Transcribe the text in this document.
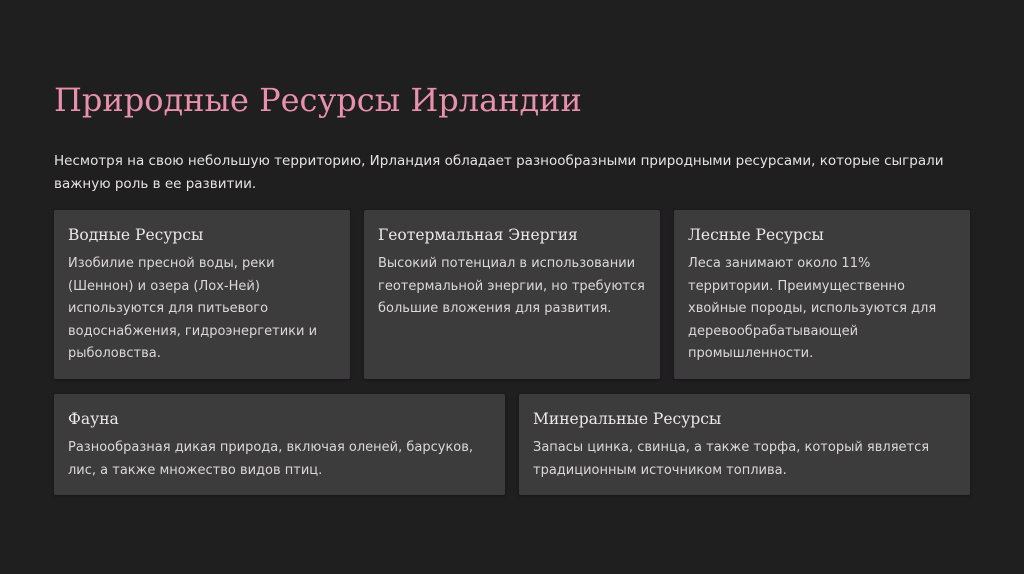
Природные Ресурсы Ирландии

Несмотря на свою небольшую территорию, Ирландия обладает разнообразными природными ресурсами, которые сыграли важную роль в ее развитии.

Водные Ресурсы

Изобилие пресной воды, реки (Шеннон) и озера (Лох-Ней) используются для питьевого водоснабжения, гидроэнергетики и рыболовства.

Геотермальная Энергия

Высокий потенциал в использовании геотермальной энергии, но требуются большие вложения для развития.

Лесные Ресурсы

Леса занимают около 11% территории. Преимущественно хвойные породы, используются для деревообрабатывающей промышленности.

Фауна

Разнообразная дикая природа, включая оленей, барсуков, лис, а также множество видов птиц.

Минеральные Ресурсы

Запасы цинка, свинца, а также торфа, который является традиционным источником топлива.
